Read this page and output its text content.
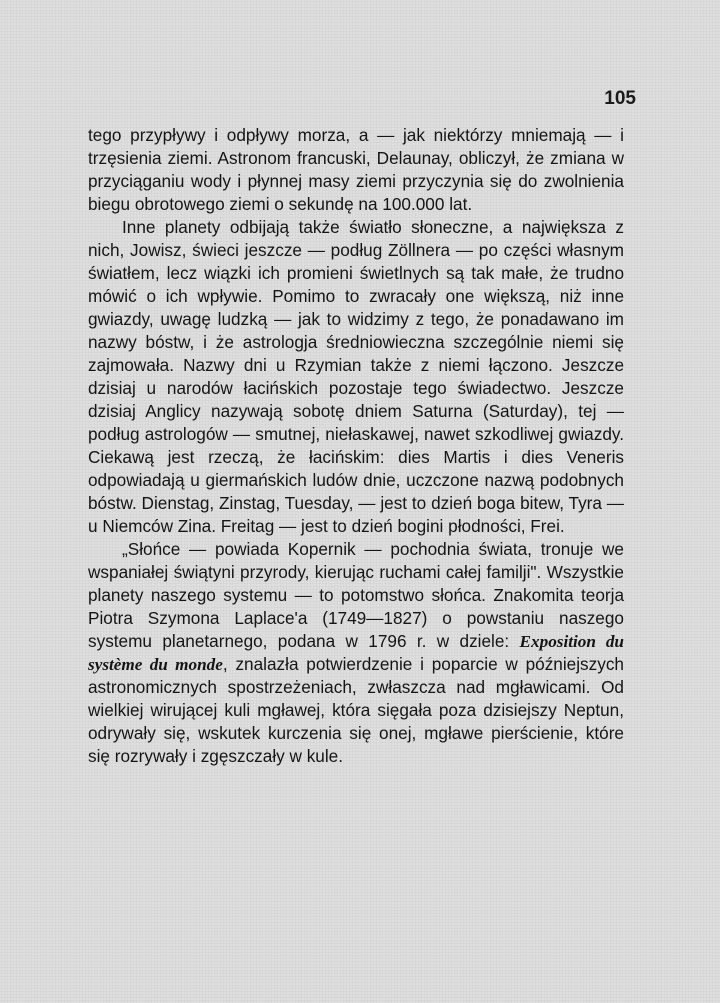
105

tego przypływy i odpływy morza, a — jak niektórzy mniemają — i trzęsienia ziemi. Astronom francuski, Delaunay, obliczył, że zmiana w przyciąganiu wody i płynnej masy ziemi przyczynia się do zwolnienia biegu obrotowego ziemi o sekundę na 100.000 lat.

Inne planety odbijają także światło słoneczne, a największa z nich, Jowisz, świeci jeszcze — podług Zöllnera — po części własnym światłem, lecz wiązki ich promieni świetlnych są tak małe, że trudno mówić o ich wpływie. Pomimo to zwracały one większą, niż inne gwiazdy, uwagę ludzką — jak to widzimy z tego, że ponadawano im nazwy bóstw, i że astrologja średniowieczna szczególnie niemi się zajmowała. Nazwy dni u Rzymian także z niemi łączono. Jeszcze dzisiaj u narodów łacińskich pozostaje tego świadectwo. Jeszcze dzisiaj Anglicy nazywają sobotę dniem Saturna (Saturday), tej — podług astrologów — smutnej, niełaskawej, nawet szkodliwej gwiazdy. Ciekawą jest rzeczą, że łacińskim: dies Martis i dies Veneris odpowiadają u giermańskich ludów dnie, uczczone nazwą podobnych bóstw. Dienstag, Zinstag, Tuesday, — jest to dzień boga bitew, Tyra — u Niemców Zina. Freitag — jest to dzień bogini płodności, Frei.

„Słońce — powiada Kopernik — pochodnia świata, tronuje we wspaniałej świątyni przyrody, kierując ruchami całej familji". Wszystkie planety naszego systemu — to potomstwo słońca. Znakomita teorja Piotra Szymona Laplace'a (1749—1827) o powstaniu naszego systemu planetarnego, podana w 1796 r. w dziele: Exposition du système du monde, znalazła potwierdzenie i poparcie w późniejszych astronomicznych spostrzeżeniach, zwłaszcza nad mgławicami. Od wielkiej wirującej kuli mgławej, która sięgała poza dzisiejszy Neptun, odrywały się, wskutek kurczenia się onej, mgławe pierścienie, które się rozrywały i zgęszczały w kule.
